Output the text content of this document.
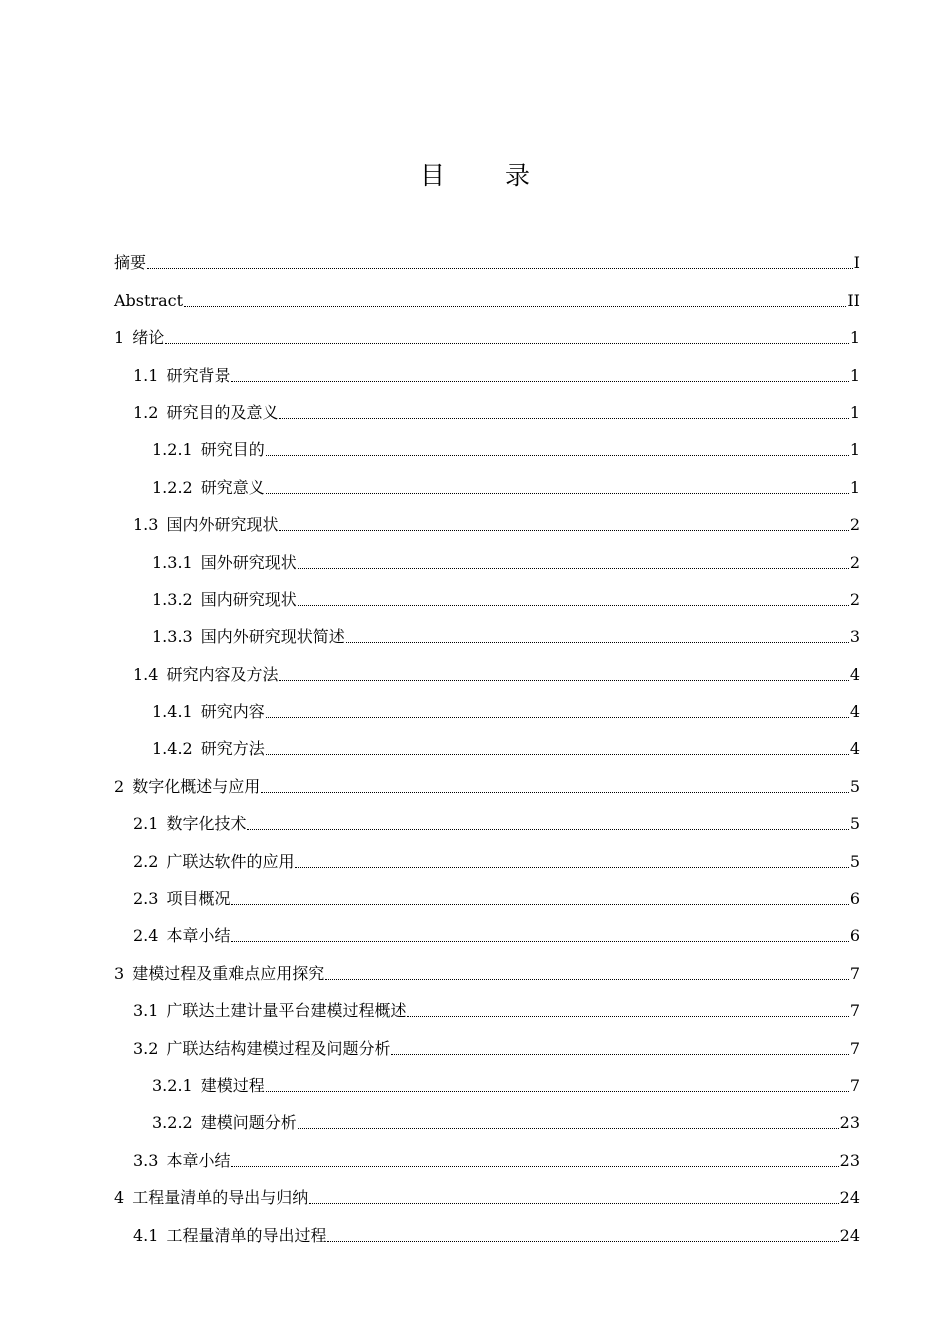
目 录
摘要	I
Abstract	II
1 绪论	1
1.1 研究背景	1
1.2 研究目的及意义	1
1.2.1 研究目的	1
1.2.2 研究意义	1
1.3 国内外研究现状	2
1.3.1 国外研究现状	2
1.3.2 国内研究现状	2
1.3.3 国内外研究现状简述	3
1.4 研究内容及方法	4
1.4.1 研究内容	4
1.4.2 研究方法	4
2 数字化概述与应用	5
2.1 数字化技术	5
2.2 广联达软件的应用	5
2.3 项目概况	6
2.4 本章小结	6
3 建模过程及重难点应用探究	7
3.1 广联达土建计量平台建模过程概述	7
3.2 广联达结构建模过程及问题分析	7
3.2.1 建模过程	7
3.2.2 建模问题分析	23
3.3 本章小结	23
4 工程量清单的导出与归纳	24
4.1 工程量清单的导出过程	24
